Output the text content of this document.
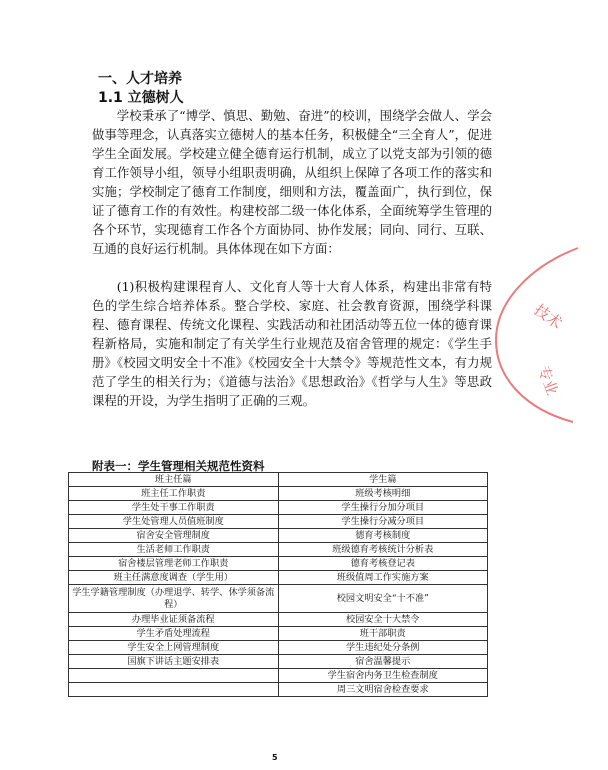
一、人才培养
1.1 立德树人

学校秉承了“博学、慎思、勤勉、奋进”的校训，围绕学会做人、学会做事等理念，认真落实立德树人的基本任务，积极健全“三全育人”，促进学生全面发展。学校建立健全德育运行机制，成立了以党支部为引领的德育工作领导小组，领导小组职责明确，从组织上保障了各项工作的落实和实施；学校制定了德育工作制度，细则和方法，覆盖面广，执行到位，保证了德育工作的有效性。构建校部二级一体化体系，全面统筹学生管理的各个环节，实现德育工作各个方面协同、协作发展；同向、同行、互联、互通的良好运行机制。具体体现在如下方面：

(1)积极构建课程育人、文化育人等十大育人体系，构建出非常有特色的学生综合培养体系。整合学校、家庭、社会教育资源，围绕学科课程、德育课程、传统文化课程、实践活动和社团活动等五位一体的德育课程新格局，实施和制定了有关学生行业规范及宿舍管理的规定：《学生手册》《校园文明安全十不准》《校园安全十大禁令》等规范性文本，有力规范了学生的相关行为；《道德与法治》《思想政治》《哲学与人生》等思政课程的开设，为学生指明了正确的三观。

附表一：学生管理相关规范性资料
班主任篇	学生篇
班主任工作职责	班级考核明细
学生处干事工作职责	学生操行分加分项目
学生处管理人员值班制度	学生操行分减分项目
宿舍安全管理制度	德育考核制度
生活老师工作职责	班级德育考核统计分析表
宿舍楼层管理老师工作职责	德育考核登记表
班主任满意度调查（学生用）	班级值周工作实施方案
学生学籍管理制度（办理退学、转学、休学须备流程）	校园文明安全“十不准”
办理毕业证须备流程	校园安全十大禁令
学生矛盾处理流程	班干部职责
学生安全上网管理制度	学生违纪处分条例
国旗下讲话主题安排表	宿舍温馨提示
	学生宿舍内务卫生检查制度
	周三文明宿舍检查要求
技术
专业
5
